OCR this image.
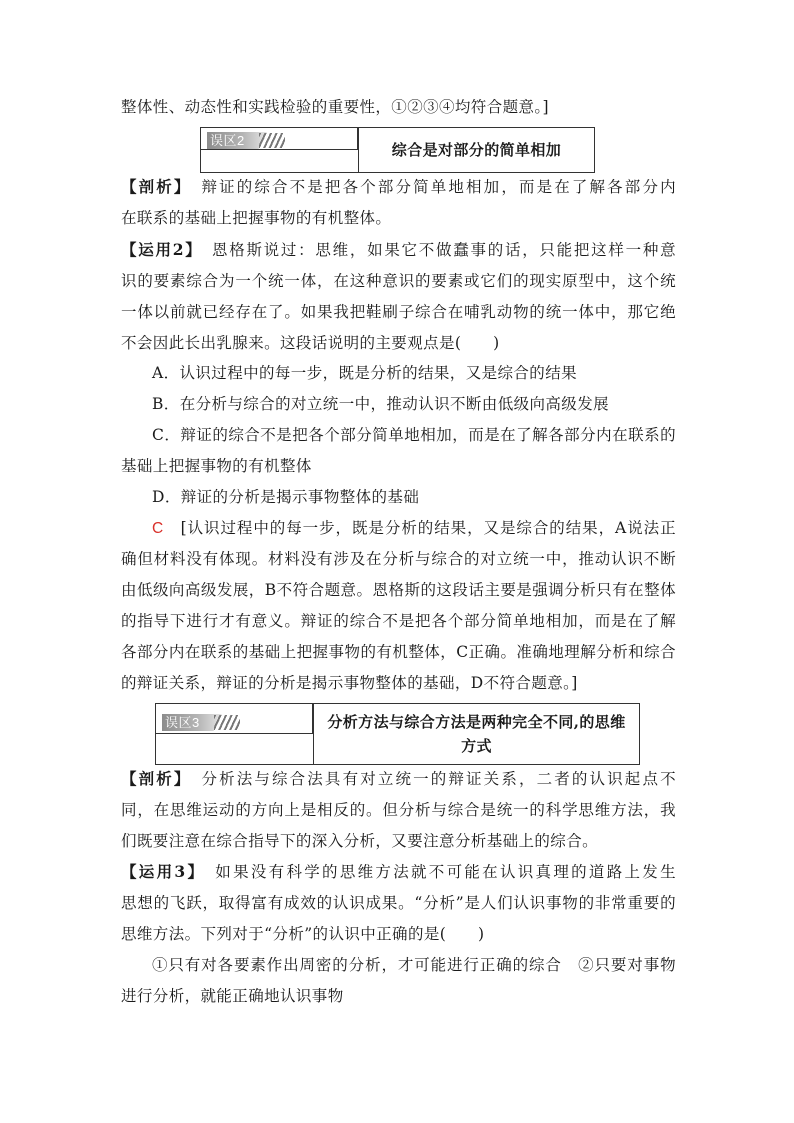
整体性、动态性和实践检验的重要性，①②③④均符合题意。]
误区2
综合是对部分的简单相加
【剖析】　 辩证的综合不是把各个部分简单地相加，而是在了解各部分内
在联系的基础上把握事物的有机整体。
【运用2】　 恩格斯说过：思维，如果它不做蠢事的话，只能把这样一种意
识的要素综合为一个统一体，在这种意识的要素或它们的现实原型中，这个统
一体以前就已经存在了。如果我把鞋刷子综合在哺乳动物的统一体中，那它绝
不会因此长出乳腺来。这段话说明的主要观点是(　　)
A．认识过程中的每一步，既是分析的结果，又是综合的结果
B．在分析与综合的对立统一中，推动认识不断由低级向高级发展
C．辩证的综合不是把各个部分简单地相加，而是在了解各部分内在联系的
基础上把握事物的有机整体
D．辩证的分析是揭示事物整体的基础
C　 [认识过程中的每一步，既是分析的结果，又是综合的结果，A说法正
确但材料没有体现。材料没有涉及在分析与综合的对立统一中，推动认识不断
由低级向高级发展，B不符合题意。恩格斯的这段话主要是强调分析只有在整体
的指导下进行才有意义。辩证的综合不是把各个部分简单地相加，而是在了解
各部分内在联系的基础上把握事物的有机整体，C正确。准确地理解分析和综合
的辩证关系，辩证的分析是揭示事物整体的基础，D不符合题意。]
误区3	分析方法与综合方法是两种完全不同,的思维
方式
【剖析】　 分析法与综合法具有对立统一的辩证关系，二者的认识起点不
同，在思维运动的方向上是相反的。但分析与综合是统一的科学思维方法，我
们既要注意在综合指导下的深入分析，又要注意分析基础上的综合。
【运用3】　 如果没有科学的思维方法就不可能在认识真理的道路上发生
思想的飞跃，取得富有成效的认识成果。“分析”是人们认识事物的非常重要的
思维方法。下列对于“分析”的认识中正确的是(　　)
①只有对各要素作出周密的分析，才可能进行正确的综合　②只要对事物
进行分析，就能正确地认识事物
